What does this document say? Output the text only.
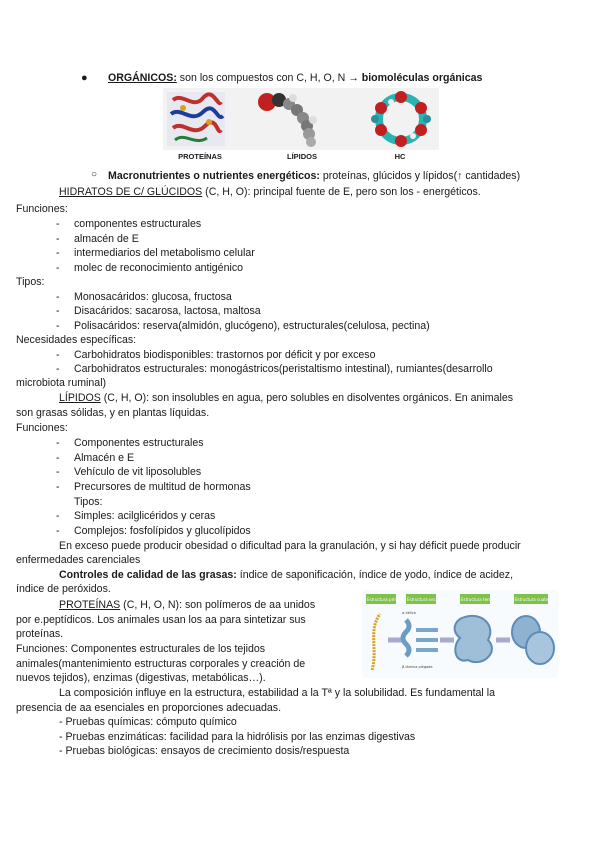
● ORGÁNICOS: son los compuestos con C, H, O, N → biomoléculas orgánicas
PROTEÍNAS	LÍPIDOS	HC
○ Macronutrientes o nutrientes energéticos: proteínas, glúcidos y lípidos(↑ cantidades)
HIDRATOS DE C/ GLÚCIDOS (C, H, O): principal fuente de E, pero son los - energéticos.
Funciones:
- componentes estructurales
- almacén de E
- intermediarios del metabolismo celular
- molec de reconocimiento antigénico
Tipos:
- Monosacáridos: glucosa, fructosa
- Disacáridos: sacarosa, lactosa, maltosa
- Polisacáridos: reserva(almidón, glucógeno), estructurales(celulosa, pectina)
Necesidades específicas:
- Carbohidratos biodisponibles: trastornos por déficit y por exceso
- Carbohidratos estructurales: monogástricos(peristaltismo intestinal), rumiantes(desarrollo
microbiota ruminal)
LÍPIDOS (C, H, O): son insolubles en agua, pero solubles en disolventes orgánicos. En animales
son grasas sólidas, y en plantas líquidas.
Funciones:
- Componentes estructurales
- Almacén e E
- Vehículo de vit liposolubles
- Precursores de multitud de hormonas
Tipos:
- Simples: acilglicéridos y ceras
- Complejos: fosfolípidos y glucolípidos
En exceso puede producir obesidad o dificultad para la granulación, y si hay déficit puede producir
enfermedades carenciales
Controles de calidad de las grasas: índice de saponificación, índice de yodo, índice de acidez,
índice de peróxidos.
PROTEÍNAS (C, H, O, N): son polímeros de aa unidos
por e.peptídicos. Los animales usan los aa para sintetizar sus
proteínas.
Funciones: Componentes estructurales de los tejidos
animales(mantenimiento estructuras corporales y creación de
nuevos tejidos), enzimas (digestivas, metabólicas…).
Estructura primaria Estructura secundaria Estructura terciaria	Estructura cuaternaria
α-hélice
β-lámina plegada
La composición influye en la estructura, estabilidad a la Tª y la solubilidad. Es fundamental la
presencia de aa esenciales en proporciones adecuadas.
- Pruebas químicas: cómputo químico
- Pruebas enzimáticas: facilidad para la hidrólisis por las enzimas digestivas
- Pruebas biológicas: ensayos de crecimiento dosis/respuesta
